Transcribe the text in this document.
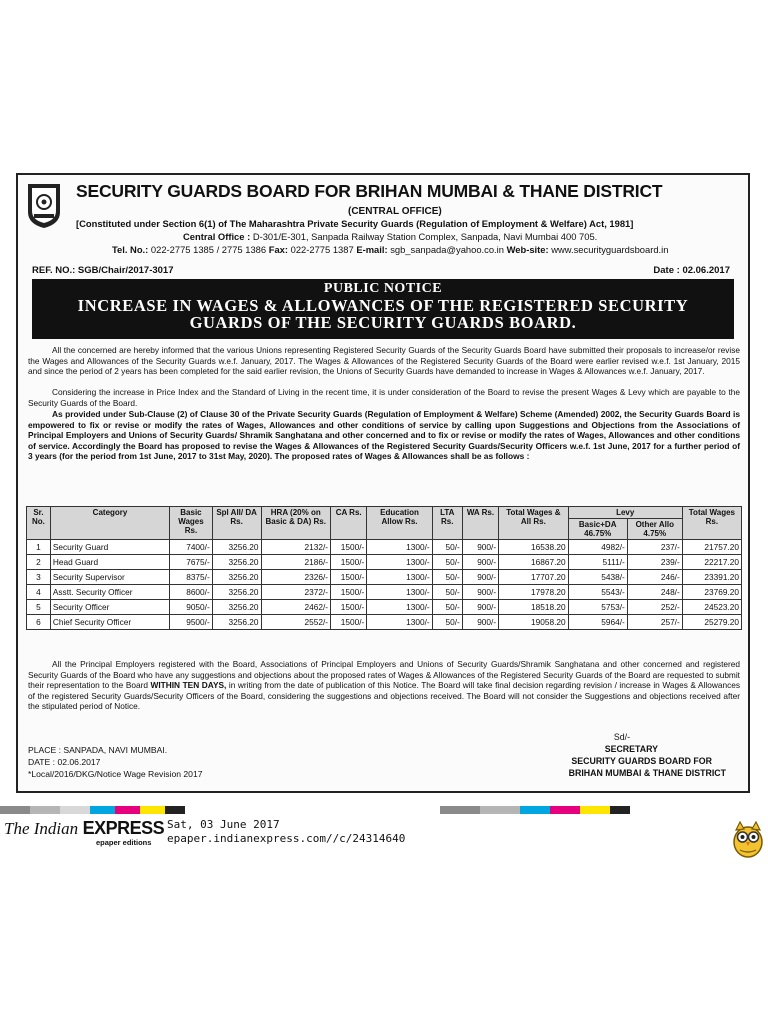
SECURITY GUARDS BOARD FOR BRIHAN MUMBAI & THANE DISTRICT
(CENTRAL OFFICE)
[Constituted under Section 6(1) of The Maharashtra Private Security Guards (Regulation of Employment & Welfare) Act, 1981]
Central Office : D-301/E-301, Sanpada Railway Station Complex, Sanpada, Navi Mumbai 400 705.
Tel. No.: 022-2775 1385 / 2775 1386 Fax: 022-2775 1387 E-mail: sgb_sanpada@yahoo.co.in Web-site: www.securityguardsboard.in
REF. NO.: SGB/Chair/2017-3017	Date : 02.06.2017
PUBLIC NOTICE
INCREASE IN WAGES & ALLOWANCES OF THE REGISTERED SECURITY
GUARDS OF THE SECURITY GUARDS BOARD.
All the concerned are hereby informed that the various Unions representing Registered Security Guards of the Security Guards Board have submitted their proposals to increase/or revise the Wages and Allowances of the Security Guards w.e.f. January, 2017. The Wages & Allowances of the Registered Security Guards of the Board were earlier revised w.e.f. 1st January, 2015 and since the period of 2 years has been completed for the said earlier revision, the Unions of Security Guards have demanded to increase in Wages & Allowances w.e.f. January, 2017.
Considering the increase in Price Index and the Standard of Living in the recent time, it is under consideration of the Board to revise the present Wages & Levy which are payable to the Security Guards of the Board.
As provided under Sub-Clause (2) of Clause 30 of the Private Security Guards (Regulation of Employment & Welfare) Scheme (Amended) 2002, the Security Guards Board is empowered to fix or revise or modify the rates of Wages, Allowances and other conditions of service by calling upon Suggestions and Objections from the Associations of Principal Employers and Unions of Security Guards/ Shramik Sanghatana and other concerned and to fix or revise or modify the rates of Wages, Allowances and other conditions of service. Accordingly the Board has proposed to revise the Wages & Allowances of the Registered Security Guards/Security Officers w.e.f. 1st June, 2017 for a further period of 3 years (for the period from 1st June, 2017 to 31st May, 2020). The proposed rates of Wages & Allowances shall be as follows :
Sr. No.	Category	Basic Wages Rs.	Spl All/ DA Rs.	HRA (20% on Basic & DA) Rs.	CA Rs.	Education Allow Rs.	LTA Rs.	WA Rs.	Total Wages & All Rs.	Levy		Total Wages Rs.
										Basic+DA 46.75%	Other Allo 4.75%	
1	Security Guard	7400/-	3256.20	2132/-	1500/-	1300/-	50/-	900/-	16538.20	4982/-	237/-	21757.20
2	Head Guard	7675/-	3256.20	2186/-	1500/-	1300/-	50/-	900/-	16867.20	5111/-	239/-	22217.20
3	Security Supervisor	8375/-	3256.20	2326/-	1500/-	1300/-	50/-	900/-	17707.20	5438/-	246/-	23391.20
4	Asstt. Security Officer	8600/-	3256.20	2372/-	1500/-	1300/-	50/-	900/-	17978.20	5543/-	248/-	23769.20
5	Security Officer	9050/-	3256.20	2462/-	1500/-	1300/-	50/-	900/-	18518.20	5753/-	252/-	24523.20
6	Chief Security Officer	9500/-	3256.20	2552/-	1500/-	1300/-	50/-	900/-	19058.20	5964/-	257/-	25279.20
All the Principal Employers registered with the Board, Associations of Principal Employers and Unions of Security Guards/Shramik Sanghatana and other concerned and registered Security Guards of the Board who have any suggestions and objections about the proposed rates of Wages & Allowances of the Registered Security Guards of the Board are requested to submit their representation to the Board WITHIN TEN DAYS, in writing from the date of publication of this Notice. The Board will take final decision regarding revision / increase in Wages & Allowances of the registered Security Guards/Security Officers of the Board, considering the suggestions and objections received. The Board will not consider the Suggestions and objections received after the stipulated period of Notice.
PLACE : SANPADA, NAVI MUMBAI.
DATE : 02.06.2017
*Local/2016/DKG/Notice Wage Revision 2017
Sd/-
SECRETARY
SECURITY GUARDS BOARD FOR
BRIHAN MUMBAI & THANE DISTRICT
The Indian EXPRESS
epaper editions
Sat, 03 June 2017
epaper.indianexpress.com//c/24314640
